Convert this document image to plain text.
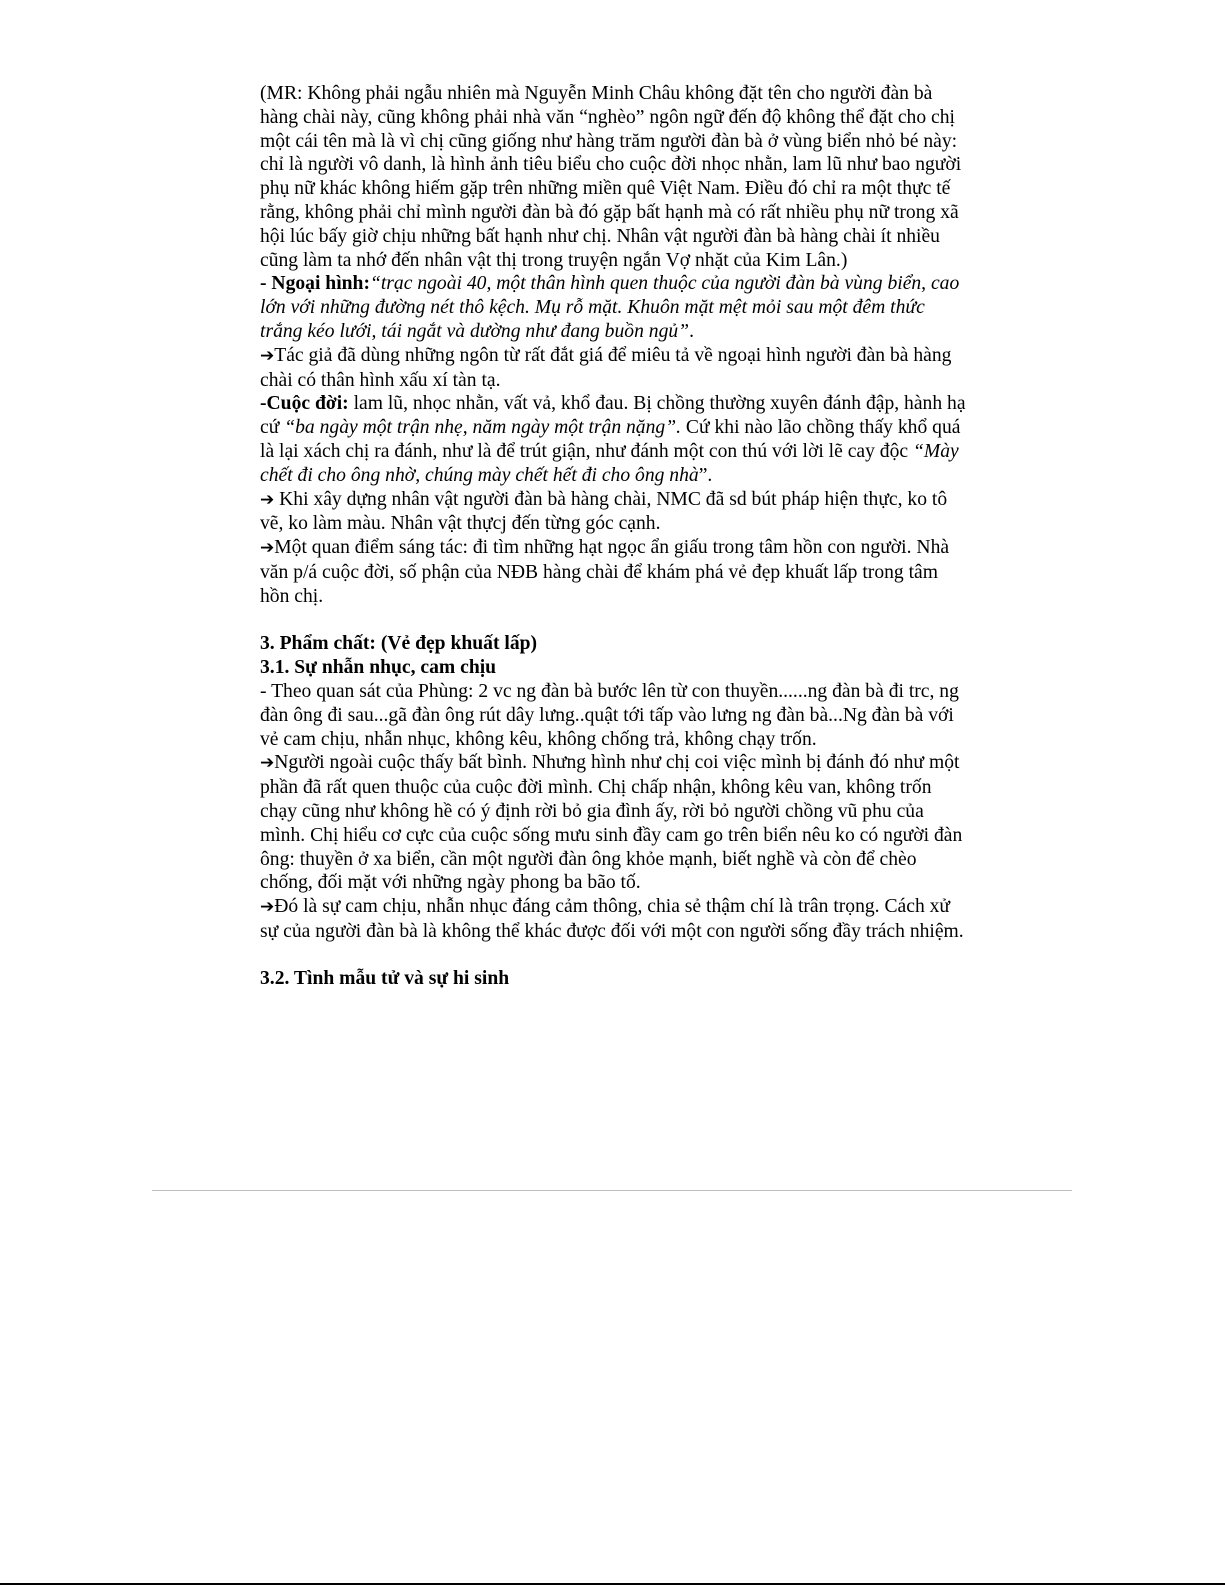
(MR: Không phải ngẫu nhiên mà Nguyễn Minh Châu không đặt tên cho người đàn bà hàng chài này, cũng không phải nhà văn “nghèo” ngôn ngữ đến độ không thể đặt cho chị một cái tên mà là vì chị cũng giống như hàng trăm người đàn bà ở vùng biển nhỏ bé này: chỉ là người vô danh, là hình ảnh tiêu biểu cho cuộc đời nhọc nhằn, lam lũ như bao người phụ nữ khác không hiếm gặp trên những miền quê Việt Nam. Điều đó chỉ ra một thực tế rằng, không phải chỉ mình người đàn bà đó gặp bất hạnh mà có rất nhiều phụ nữ trong xã hội lúc bấy giờ chịu những bất hạnh như chị. Nhân vật người đàn bà hàng chài ít nhiều cũng làm ta nhớ đến nhân vật thị trong truyện ngắn Vợ nhặt của Kim Lân.)

- Ngoại hình:“trạc ngoài 40, một thân hình quen thuộc của người đàn bà vùng biển, cao lớn với những đường nét thô kệch. Mụ rỗ mặt. Khuôn mặt mệt mỏi sau một đêm thức trắng kéo lưới, tái ngắt và dường như đang buồn ngủ”.

➔Tác giả đã dùng những ngôn từ rất đắt giá để miêu tả về ngoại hình người đàn bà hàng chài có thân hình xấu xí tàn tạ.

-Cuộc đời: lam lũ, nhọc nhằn, vất vả, khổ đau. Bị chồng thường xuyên đánh đập, hành hạ cứ “ba ngày một trận nhẹ, năm ngày một trận nặng”. Cứ khi nào lão chồng thấy khổ quá là lại xách chị ra đánh, như là để trút giận, như đánh một con thú với lời lẽ cay độc “Mày chết đi cho ông nhờ, chúng mày chết hết đi cho ông nhà”.

➔ Khi xây dựng nhân vật người đàn bà hàng chài, NMC đã sd bút pháp hiện thực, ko tô vẽ, ko làm màu. Nhân vật thựcj đến từng góc cạnh.

➔Một quan điểm sáng tác: đi tìm những hạt ngọc ẩn giấu trong tâm hồn con người. Nhà văn p/á cuộc đời, số phận của NĐB hàng chài để khám phá vẻ đẹp khuất lấp trong tâm hồn chị.

3. Phẩm chất: (Vẻ đẹp khuất lấp)

3.1. Sự nhẫn nhục, cam chịu

- Theo quan sát của Phùng: 2 vc ng đàn bà bước lên từ con thuyền......ng đàn bà đi trc, ng đàn ông đi sau...gã đàn ông rút dây lưng..quật tới tấp vào lưng ng đàn bà...Ng đàn bà với vẻ cam chịu, nhẫn nhục, không kêu, không chống trả, không chạy trốn.

➔Người ngoài cuộc thấy bất bình. Nhưng hình như chị coi việc mình bị đánh đó như một phần đã rất quen thuộc của cuộc đời mình. Chị chấp nhận, không kêu van, không trốn chạy cũng như không hề có ý định rời bỏ gia đình ấy, rời bỏ người chồng vũ phu của mình. Chị hiểu cơ cực của cuộc sống mưu sinh đầy cam go trên biển nêu ko có người đàn ông: thuyền ở xa biển, cần một người đàn ông khỏe mạnh, biết nghề và còn để chèo chống, đối mặt với những ngày phong ba bão tố.

➔Đó là sự cam chịu, nhẫn nhục đáng cảm thông, chia sẻ thậm chí là trân trọng. Cách xử sự của người đàn bà là không thể khác được đối với một con người sống đầy trách nhiệm.

3.2. Tình mẫu tử và sự hi sinh
